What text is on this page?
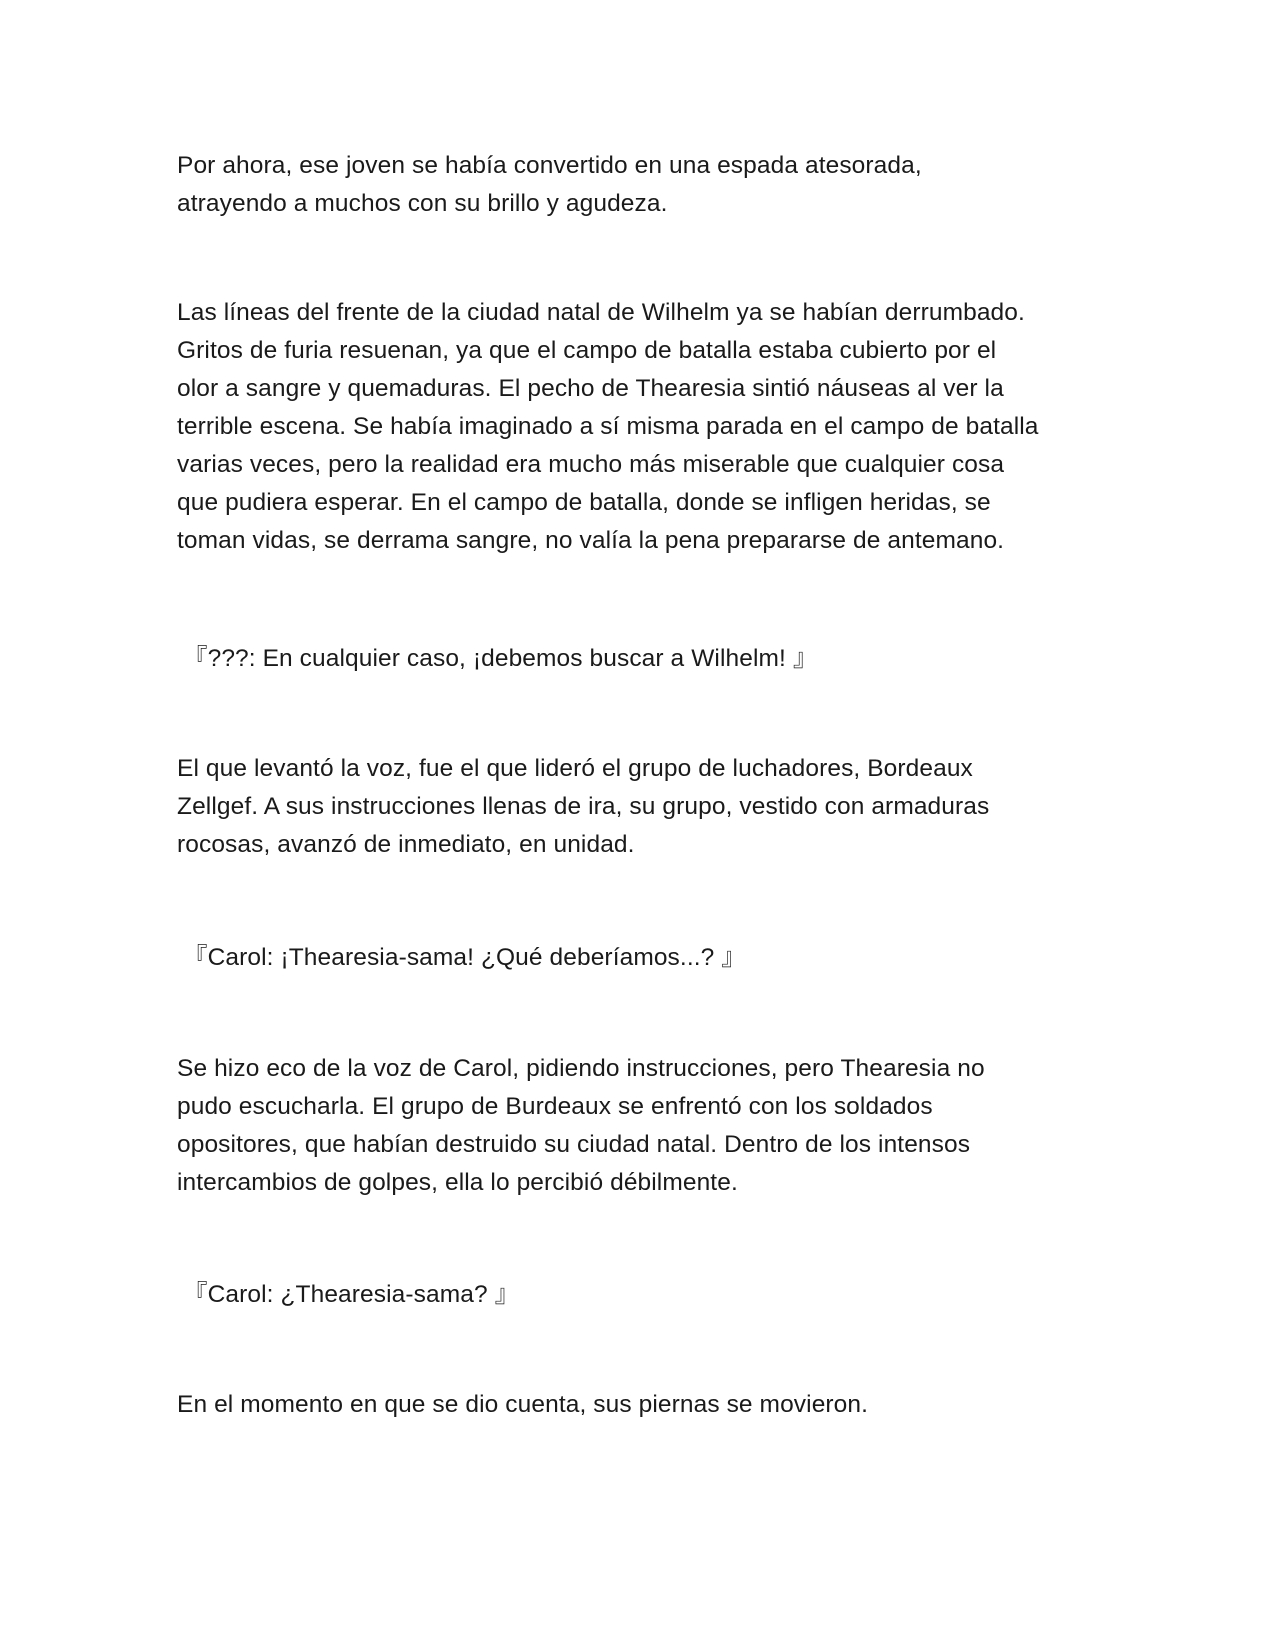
Por ahora, ese joven se había convertido en una espada atesorada,

atrayendo a muchos con su brillo y agudeza.

Las líneas del frente de la ciudad natal de Wilhelm ya se habían derrumbado.

Gritos de furia resuenan, ya que el campo de batalla estaba cubierto por el

olor a sangre y quemaduras. El pecho de Thearesia sintió náuseas al ver la

terrible escena. Se había imaginado a sí misma parada en el campo de batalla

varias veces, pero la realidad era mucho más miserable que cualquier cosa

que pudiera esperar. En el campo de batalla, donde se infligen heridas, se

toman vidas, se derrama sangre, no valía la pena prepararse de antemano.

『???: En cualquier caso, ¡debemos buscar a Wilhelm! 』

El que levantó la voz, fue el que lideró el grupo de luchadores, Bordeaux

Zellgef. A sus instrucciones llenas de ira, su grupo, vestido con armaduras

rocosas, avanzó de inmediato, en unidad.

『Carol: ¡Thearesia-sama! ¿Qué deberíamos...? 』

Se hizo eco de la voz de Carol, pidiendo instrucciones, pero Thearesia no

pudo escucharla. El grupo de Burdeaux se enfrentó con los soldados

opositores, que habían destruido su ciudad natal. Dentro de los intensos

intercambios de golpes, ella lo percibió débilmente.

『Carol: ¿Thearesia-sama? 』

En el momento en que se dio cuenta, sus piernas se movieron.
